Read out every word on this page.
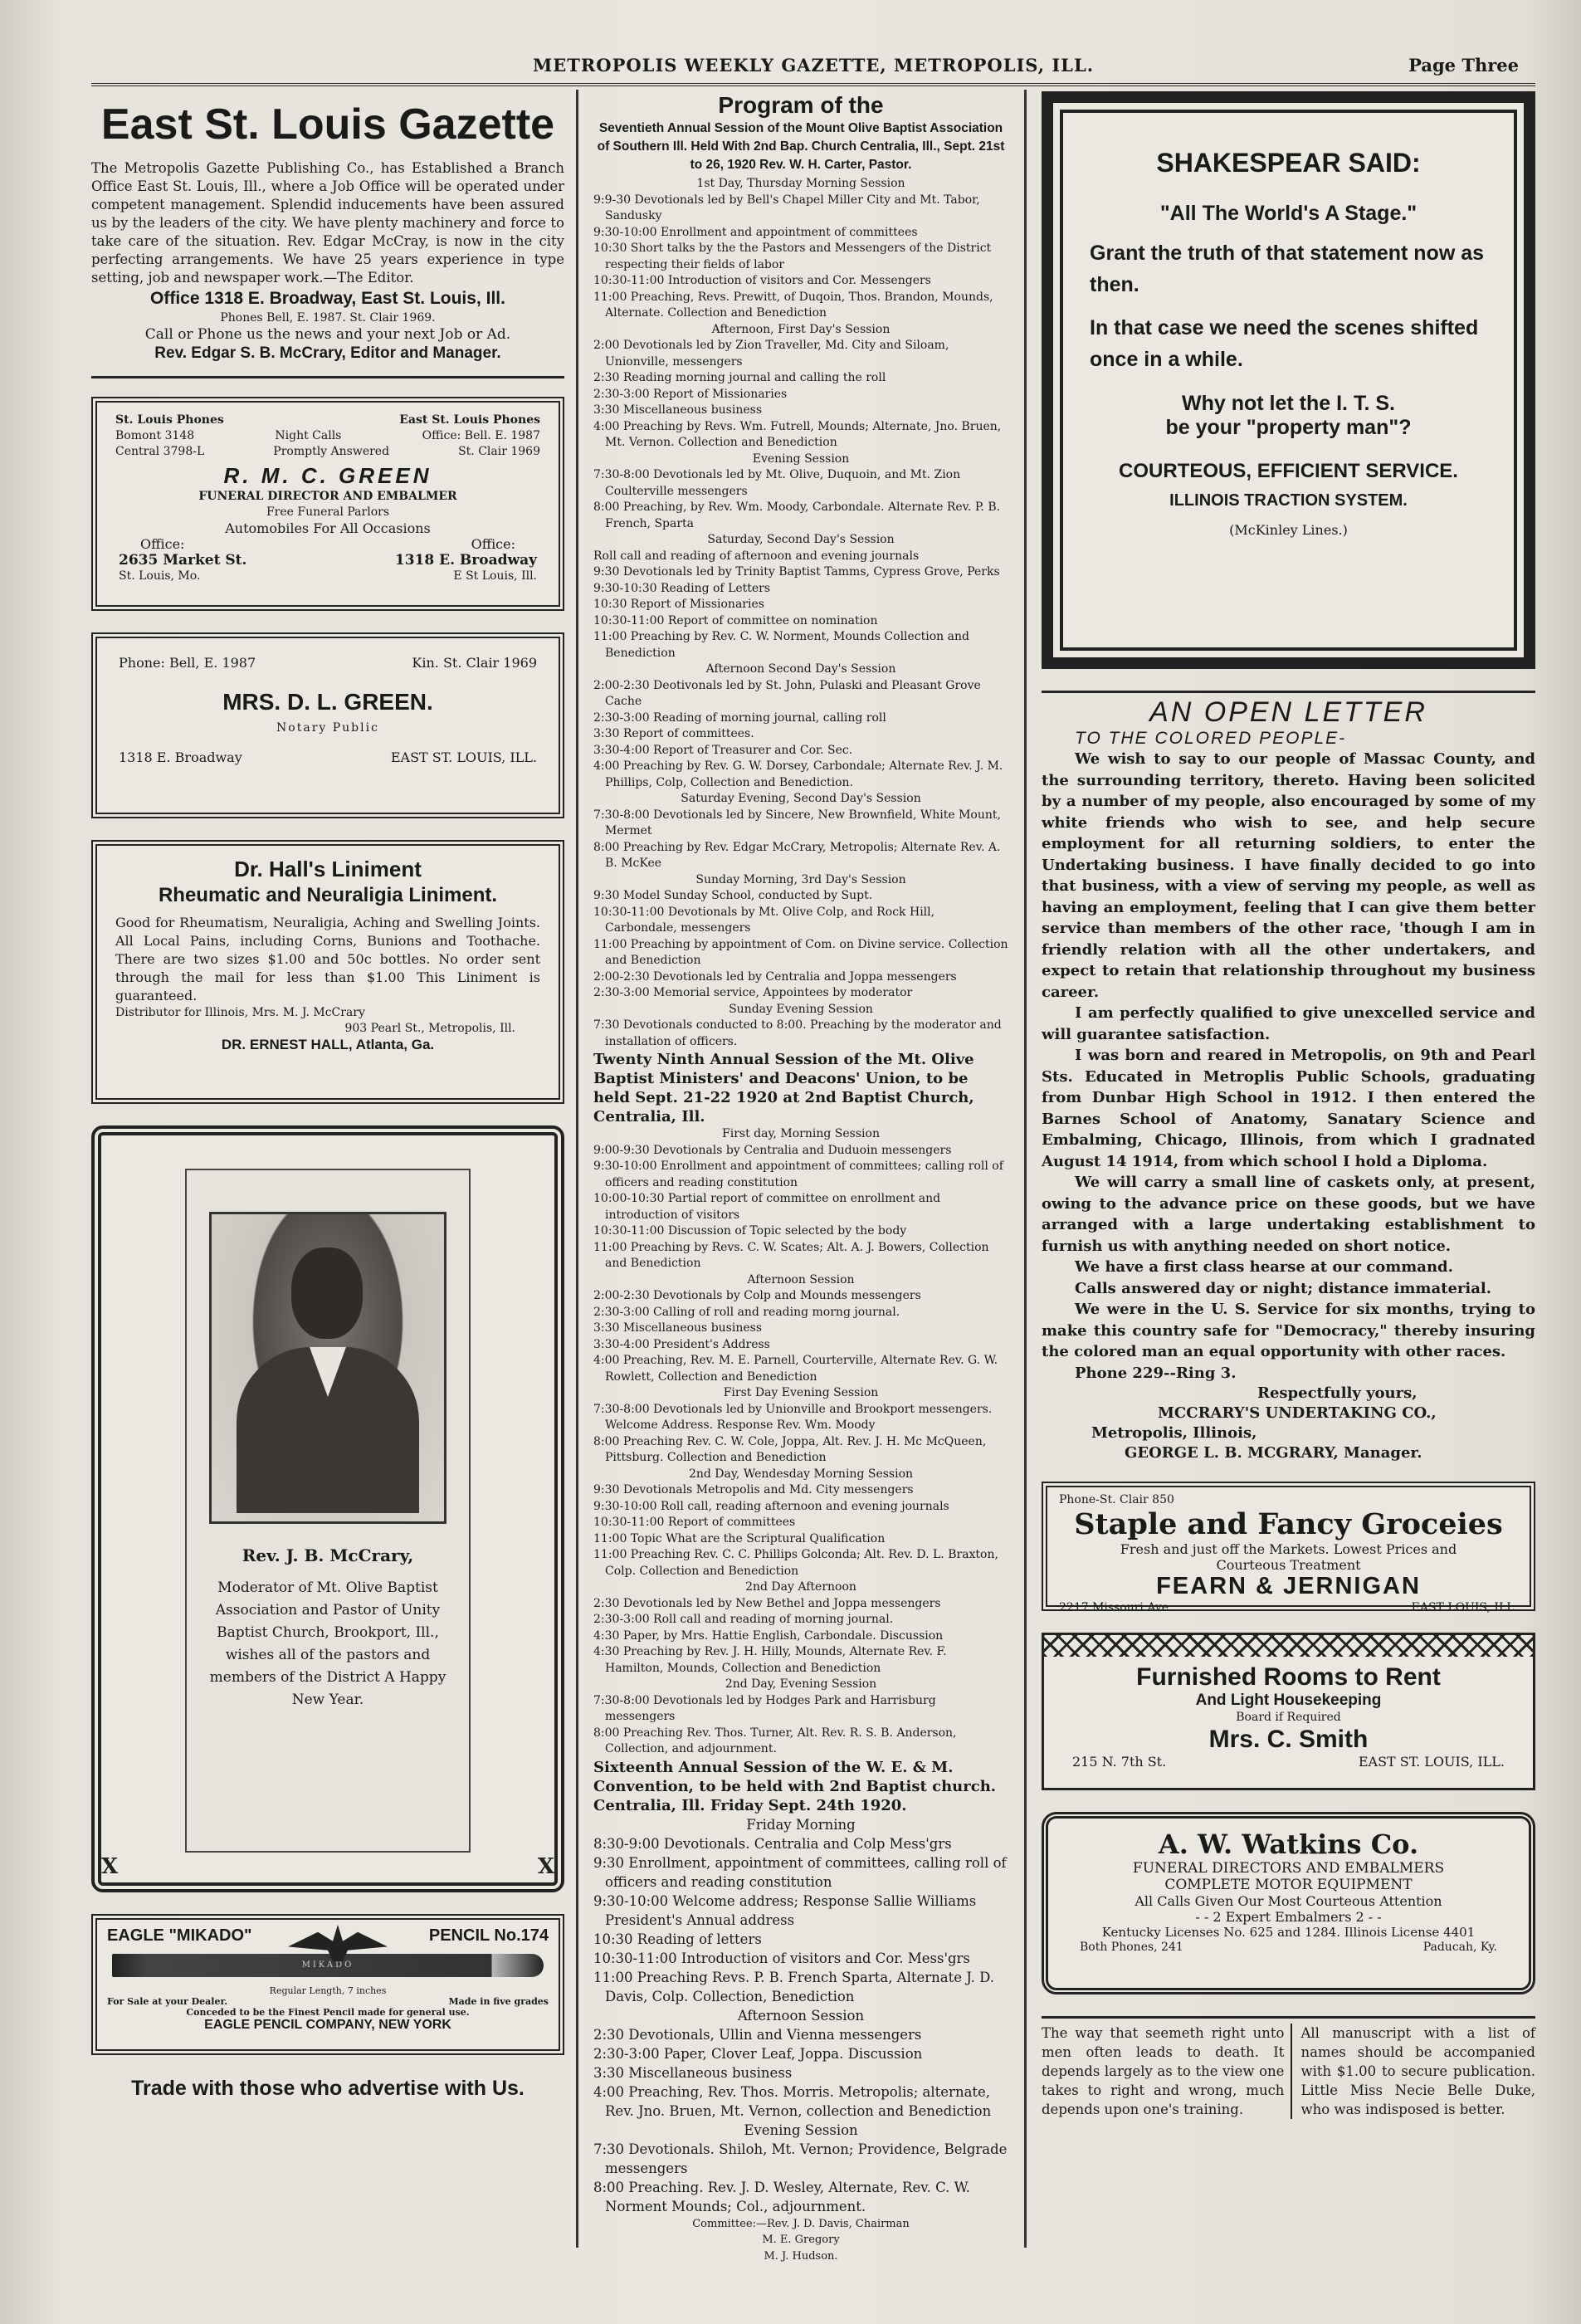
METROPOLIS WEEKLY GAZETTE, METROPOLIS, ILL.	Page Three
East St. Louis Gazette
The Metropolis Gazette Publishing Co., has Established a Branch Office East St. Louis, Ill., where a Job Office will be operated under competent management. Splendid inducements have been assured us by the leaders of the city. We have plenty machinery and force to take care of the situation. Rev. Edgar McCray, is now in the city perfecting arrangements. We have 25 years experience in type setting, job and newspaper work.—The Editor.
Office 1318 E. Broadway, East St. Louis, Ill.
Phones Bell, E. 1987. St. Clair 1969.
Call or Phone us the news and your next Job or Ad.
Rev. Edgar S. B. McCrary, Editor and Manager.
St. Louis Phones	East St. Louis Phones
Bomont 3148	Night Calls	Office: Bell. E. 1987
Central 3798-L	Promptly Answered	St. Clair 1969
R. M. C. GREEN
FUNERAL DIRECTOR AND EMBALMER
Free Funeral Parlors
Automobiles For All Occasions
Office:	Office:
2635 Market St.	1318 E. Broadway
St. Louis, Mo.	E St Louis, Ill.
Phone: Bell, E. 1987	Kin. St. Clair 1969
MRS. D. L. GREEN.
Notary Public
1318 E. Broadway	EAST ST. LOUIS, ILL.
Dr. Hall's Liniment
Rheumatic and Neuraligia Liniment.
Good for Rheumatism, Neuraligia, Aching and Swelling Joints. All Local Pains, including Corns, Bunions and Toothache. There are two sizes $1.00 and 50c bottles. No order sent through the mail for less than $1.00 This Liniment is guaranteed.
Distributor for Illinois, Mrs. M. J. McCrary
903 Pearl St., Metropolis, Ill.
DR. ERNEST HALL, Atlanta, Ga.
X	X
Rev. J. B. McCrary,
Moderator of Mt. Olive Baptist Association and Pastor of Unity Baptist Church, Brookport, Ill., wishes all of the pastors and members of the District A Happy New Year.
EAGLE "MIKADO"	PENCIL No.174
MIKADO
Regular Length, 7 inches
For Sale at your Dealer.	Made in five grades
Conceded to be the Finest Pencil made for general use.
EAGLE PENCIL COMPANY, NEW YORK
Trade with those who advertise with Us.
Program of the
Seventieth Annual Session of the Mount Olive Baptist Association of Southern Ill. Held With 2nd Bap. Church Centralia, Ill., Sept. 21st to 26, 1920 Rev. W. H. Carter, Pastor.

1st Day, Thursday Morning Session

9:9-30 Devotionals led by Bell's Chapel Miller City and Mt. Tabor, Sandusky

9:30-10:00 Enrollment and appointment of committees

10:30 Short talks by the the Pastors and Messengers of the District respecting their fields of labor

10:30-11:00 Introduction of visitors and Cor. Messengers

11:00 Preaching, Revs. Prewitt, of Duqoin, Thos. Brandon, Mounds, Alternate. Collection and Benediction

Afternoon, First Day's Session

2:00 Devotionals led by Zion Traveller, Md. City and Siloam, Unionville, messengers

2:30 Reading morning journal and calling the roll

2:30-3:00 Report of Missionaries

3:30 Miscellaneous business

4:00 Preaching by Revs. Wm. Futrell, Mounds; Alternate, Jno. Bruen, Mt. Vernon. Collection and Benediction

Evening Session

7:30-8:00 Devotionals led by Mt. Olive, Duquoin, and Mt. Zion Coulterville messengers

8:00 Preaching, by Rev. Wm. Moody, Carbondale. Alternate Rev. P. B. French, Sparta

Saturday, Second Day's Session

Roll call and reading of afternoon and evening journals

9:30 Devotionals led by Trinity Baptist Tamms, Cypress Grove, Perks

9:30-10:30 Reading of Letters

10:30 Report of Missionaries

10:30-11:00 Report of committee on nomination

11:00 Preaching by Rev. C. W. Norment, Mounds Collection and Benediction

Afternoon Second Day's Session

2:00-2:30 Deotivonals led by St. John, Pulaski and Pleasant Grove Cache

2:30-3:00 Reading of morning journal, calling roll

3:30 Report of committees.

3:30-4:00 Report of Treasurer and Cor. Sec.

4:00 Preaching by Rev. G. W. Dorsey, Carbondale; Alternate Rev. J. M. Phillips, Colp, Collection and Benediction.

Saturday Evening, Second Day's Session

7:30-8:00 Devotionals led by Sincere, New Brownfield, White Mount, Mermet

8:00 Preaching by Rev. Edgar McCrary, Metropolis; Alternate Rev. A. B. McKee

Sunday Morning, 3rd Day's Session

9:30 Model Sunday School, conducted by Supt.

10:30-11:00 Devotionals by Mt. Olive Colp, and Rock Hill, Carbondale, messengers

11:00 Preaching by appointment of Com. on Divine service. Collection and Benediction

2:00-2:30 Devotionals led by Centralia and Joppa messengers

2:30-3:00 Memorial service, Appointees by moderator

Sunday Evening Session

7:30 Devotionals conducted to 8:00. Preaching by the moderator and installation of officers.

Twenty Ninth Annual Session of the Mt. Olive Baptist Ministers' and Deacons' Union, to be held Sept. 21-22 1920 at 2nd Baptist Church, Centralia, Ill.

First day, Morning Session

9:00-9:30 Devotionals by Centralia and Duduoin messengers

9:30-10:00 Enrollment and appointment of committees; calling roll of officers and reading constitution

10:00-10:30 Partial report of committee on enrollment and introduction of visitors

10:30-11:00 Discussion of Topic selected by the body

11:00 Preaching by Revs. C. W. Scates; Alt. A. J. Bowers, Collection and Benediction

Afternoon Session

2:00-2:30 Devotionals by Colp and Mounds messengers

2:30-3:00 Calling of roll and reading morng journal.

3:30 Miscellaneous business

3:30-4:00 President's Address

4:00 Preaching, Rev. M. E. Parnell, Courterville, Alternate Rev. G. W. Rowlett, Collection and Benediction

First Day Evening Session

7:30-8:00 Devotionals led by Unionville and Brookport messengers. Welcome Address. Response Rev. Wm. Moody

8:00 Preaching Rev. C. W. Cole, Joppa, Alt. Rev. J. H. Mc McQueen, Pittsburg. Collection and Benediction

2nd Day, Wendesday Morning Session

9:30 Devotionals Metropolis and Md. City messengers

9:30-10:00 Roll call, reading afternoon and evening journals

10:30-11:00 Report of committees

11:00 Topic What are the Scriptural Qualification

11:00 Preaching Rev. C. C. Phillips Golconda; Alt. Rev. D. L. Braxton, Colp. Collection and Benediction

2nd Day Afternoon

2:30 Devotionals led by New Bethel and Joppa messengers

2:30-3:00 Roll call and reading of morning journal.

4:30 Paper, by Mrs. Hattie English, Carbondale. Discussion

4:30 Preaching by Rev. J. H. Hilly, Mounds, Alternate Rev. F. Hamilton, Mounds, Collection and Benediction

2nd Day, Evening Session

7:30-8:00 Devotionals led by Hodges Park and Harrisburg messengers

8:00 Preaching Rev. Thos. Turner, Alt. Rev. R. S. B. Anderson, Collection, and adjournment.

Sixteenth Annual Session of the W. E. & M. Convention, to be held with 2nd Baptist church. Centralia, Ill. Friday Sept. 24th 1920.

Friday Morning

8:30-9:00 Devotionals. Centralia and Colp Mess'grs

9:30 Enrollment, appointment of committees, calling roll of officers and reading constitution

9:30-10:00 Welcome address; Response Sallie Williams President's Annual address

10:30 Reading of letters

10:30-11:00 Introduction of visitors and Cor. Mess'grs

11:00 Preaching Revs. P. B. French Sparta, Alternate J. D. Davis, Colp. Collection, Benediction

Afternoon Session

2:30 Devotionals, Ullin and Vienna messengers

2:30-3:00 Paper, Clover Leaf, Joppa. Discussion

3:30 Miscellaneous business

4:00 Preaching, Rev. Thos. Morris. Metropolis; alternate, Rev. Jno. Bruen, Mt. Vernon, collection and Benediction

Evening Session

7:30 Devotionals. Shiloh, Mt. Vernon; Providence, Belgrade messengers

8:00 Preaching. Rev. J. D. Wesley, Alternate, Rev. C. W. Norment Mounds; Col., adjournment.

Committee:—Rev. J. D. Davis, Chairman

M. E. Gregory

M. J. Hudson.

SHAKESPEAR SAID:
"All The World's A Stage."
Grant the truth of that statement now as then.
In that case we need the scenes shifted once in a while.
Why not let the I. T. S.
be your "property man"?
COURTEOUS, EFFICIENT SERVICE.
ILLINOIS TRACTION SYSTEM.
(McKinley Lines.)
AN OPEN LETTER
TO THE COLORED PEOPLE-
We wish to say to our people of Massac County, and the surrounding territory, thereto. Having been solicited by a number of my people, also encouraged by some of my white friends who wish to see, and help secure employment for all returning soldiers, to enter the Undertaking business. I have finally decided to go into that business, with a view of serving my people, as well as having an employment, feeling that I can give them better service than members of the other race, 'though I am in friendly relation with all the other undertakers, and expect to retain that relationship throughout my business career.
I am perfectly qualified to give unexcelled service and will guarantee satisfaction.
I was born and reared in Metropolis, on 9th and Pearl Sts. Educated in Metroplis Public Schools, graduating from Dunbar High School in 1912. I then entered the Barnes School of Anatomy, Sanatary Science and Embalming, Chicago, Illinois, from which I gradnated August 14 1914, from which school I hold a Diploma.
We will carry a small line of caskets only, at present, owing to the advance price on these goods, but we have arranged with a large undertaking establishment to furnish us with anything needed on short notice.
We have a first class hearse at our command.
Calls answered day or night; distance immaterial.
We were in the U. S. Service for six months, trying to make this country safe for "Democracy," thereby insuring the colored man an equal opportunity with other races.
Phone 229--Ring 3.
Respectfully yours,
MCCRARY'S UNDERTAKING CO.,
Metropolis, Illinois,
GEORGE L. B. MCGRARY, Manager.
Phone-St. Clair 850
Staple and Fancy Groceies
Fresh and just off the Markets. Lowest Prices and
Courteous Treatment
FEARN & JERNIGAN
2217 Missouri Ave.	EAST LOUIS, ILL.
Furnished Rooms to Rent
And Light Housekeeping
Board if Required
Mrs. C. Smith
215 N. 7th St.	EAST ST. LOUIS, ILL.
A. W. Watkins Co.
FUNERAL DIRECTORS AND EMBALMERS
COMPLETE MOTOR EQUIPMENT
All Calls Given Our Most Courteous Attention
- - 2 Expert Embalmers 2 - -
Kentucky Licenses No. 625 and 1284. Illinois License 4401
Both Phones, 241	Paducah, Ky.
The way that seemeth right unto men often leads to death. It depends largely as to the view one takes to right and wrong, much depends upon one's training.
All manuscript with a list of names should be accompanied with $1.00 to secure publication. Little Miss Necie Belle Duke, who was indisposed is better.
